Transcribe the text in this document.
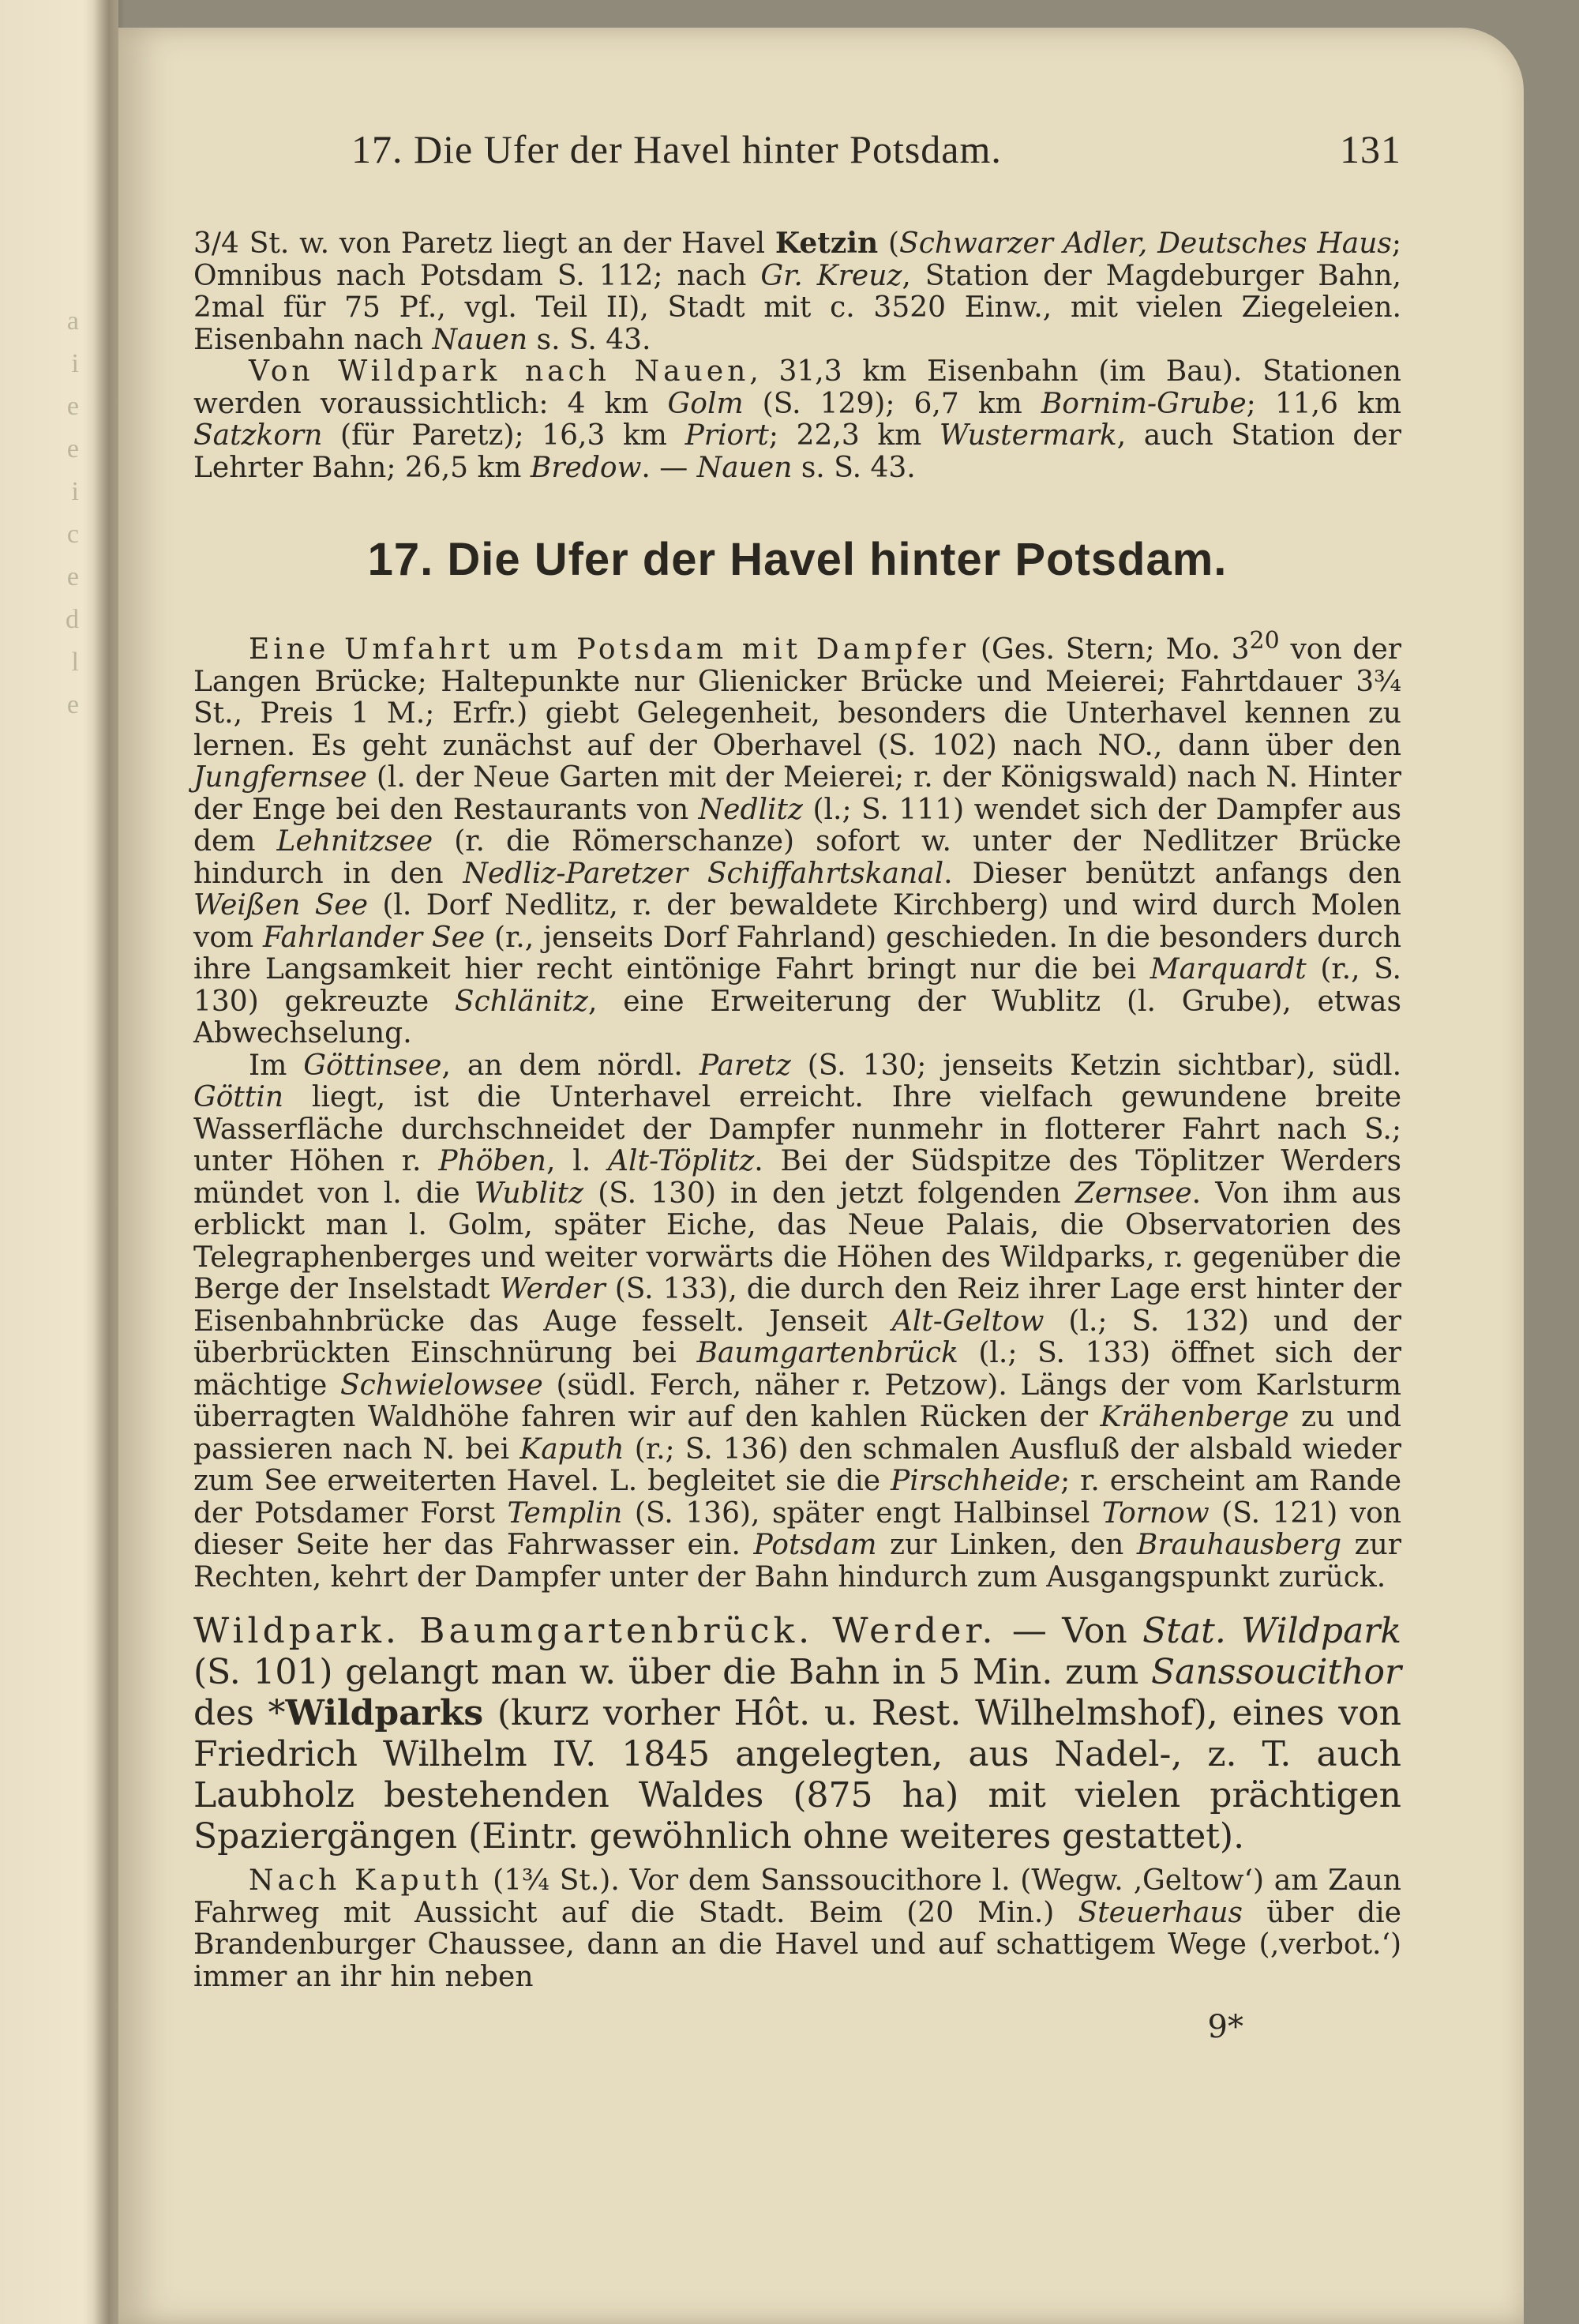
a
i
e
e
i
c
e
d
l
e
17. Die Ufer der Havel hinter Potsdam.	131

3/4 St. w. von Paretz liegt an der Havel Ketzin (Schwarzer Adler, Deutsches Haus; Omnibus nach Potsdam S. 112; nach Gr. Kreuz, Station der Magdeburger Bahn, 2mal für 75 Pf., vgl. Teil II), Stadt mit c. 3520 Einw., mit vielen Ziegeleien. Eisenbahn nach Nauen s. S. 43.

Von Wildpark nach Nauen, 31,3 km Eisenbahn (im Bau). Stationen werden voraussichtlich: 4 km Golm (S. 129); 6,7 km Bornim-Grube; 11,6 km Satzkorn (für Paretz); 16,3 km Priort; 22,3 km Wustermark, auch Station der Lehrter Bahn; 26,5 km Bredow. — Nauen s. S. 43.

17. Die Ufer der Havel hinter Potsdam.

Eine Umfahrt um Potsdam mit Dampfer (Ges. Stern; Mo. $3^{20}$ von der Langen Brücke; Haltepunkte nur Glienicker Brücke und Meierei; Fahrtdauer 3¾ St., Preis 1 M.; Erfr.) giebt Gelegenheit, besonders die Unterhavel kennen zu lernen. Es geht zunächst auf der Oberhavel (S. 102) nach NO., dann über den Jungfernsee (l. der Neue Garten mit der Meierei; r. der Königswald) nach N. Hinter der Enge bei den Restaurants von Nedlitz (l.; S. 111) wendet sich der Dampfer aus dem Lehnitzsee (r. die Römerschanze) sofort w. unter der Nedlitzer Brücke hindurch in den Nedliz-Paretzer Schiffahrtskanal. Dieser benützt anfangs den Weißen See (l. Dorf Nedlitz, r. der bewaldete Kirchberg) und wird durch Molen vom Fahrlander See (r., jenseits Dorf Fahrland) geschieden. In die besonders durch ihre Langsamkeit hier recht eintönige Fahrt bringt nur die bei Marquardt (r., S. 130) gekreuzte Schlänitz, eine Erweiterung der Wublitz (l. Grube), etwas Abwechselung.

Im Göttinsee, an dem nördl. Paretz (S. 130; jenseits Ketzin sichtbar), südl. Göttin liegt, ist die Unterhavel erreicht. Ihre vielfach gewundene breite Wasserfläche durchschneidet der Dampfer nunmehr in flotterer Fahrt nach S.; unter Höhen r. Phöben, l. Alt-Töplitz. Bei der Südspitze des Töplitzer Werders mündet von l. die Wublitz (S. 130) in den jetzt folgenden Zernsee. Von ihm aus erblickt man l. Golm, später Eiche, das Neue Palais, die Observatorien des Telegraphenberges und weiter vorwärts die Höhen des Wildparks, r. gegenüber die Berge der Inselstadt Werder (S. 133), die durch den Reiz ihrer Lage erst hinter der Eisenbahnbrücke das Auge fesselt. Jenseit Alt-Geltow (l.; S. 132) und der überbrückten Einschnürung bei Baumgartenbrück (l.; S. 133) öffnet sich der mächtige Schwielowsee (südl. Ferch, näher r. Petzow). Längs der vom Karlsturm überragten Waldhöhe fahren wir auf den kahlen Rücken der Krähenberge zu und passieren nach N. bei Kaputh (r.; S. 136) den schmalen Ausfluß der alsbald wieder zum See erweiterten Havel. L. begleitet sie die Pirschheide; r. erscheint am Rande der Potsdamer Forst Templin (S. 136), später engt Halbinsel Tornow (S. 121) von dieser Seite her das Fahrwasser ein. Potsdam zur Linken, den Brauhausberg zur Rechten, kehrt der Dampfer unter der Bahn hindurch zum Ausgangspunkt zurück.

Wildpark. Baumgartenbrück. Werder. — Von Stat. Wildpark (S. 101) gelangt man w. über die Bahn in 5 Min. zum Sanssoucithor des *Wildparks (kurz vorher Hôt. u. Rest. Wilhelmshof), eines von Friedrich Wilhelm IV. 1845 angelegten, aus Nadel-, z. T. auch Laubholz bestehenden Waldes (875 ha) mit vielen prächtigen Spaziergängen (Eintr. gewöhnlich ohne weiteres gestattet).

Nach Kaputh (1¾ St.). Vor dem Sanssoucithore l. (Wegw. ‚Geltow‘) am Zaun Fahrweg mit Aussicht auf die Stadt. Beim (20 Min.) Steuerhaus über die Brandenburger Chaussee, dann an die Havel und auf schattigem Wege (‚verbot.‘) immer an ihr hin neben

9*
